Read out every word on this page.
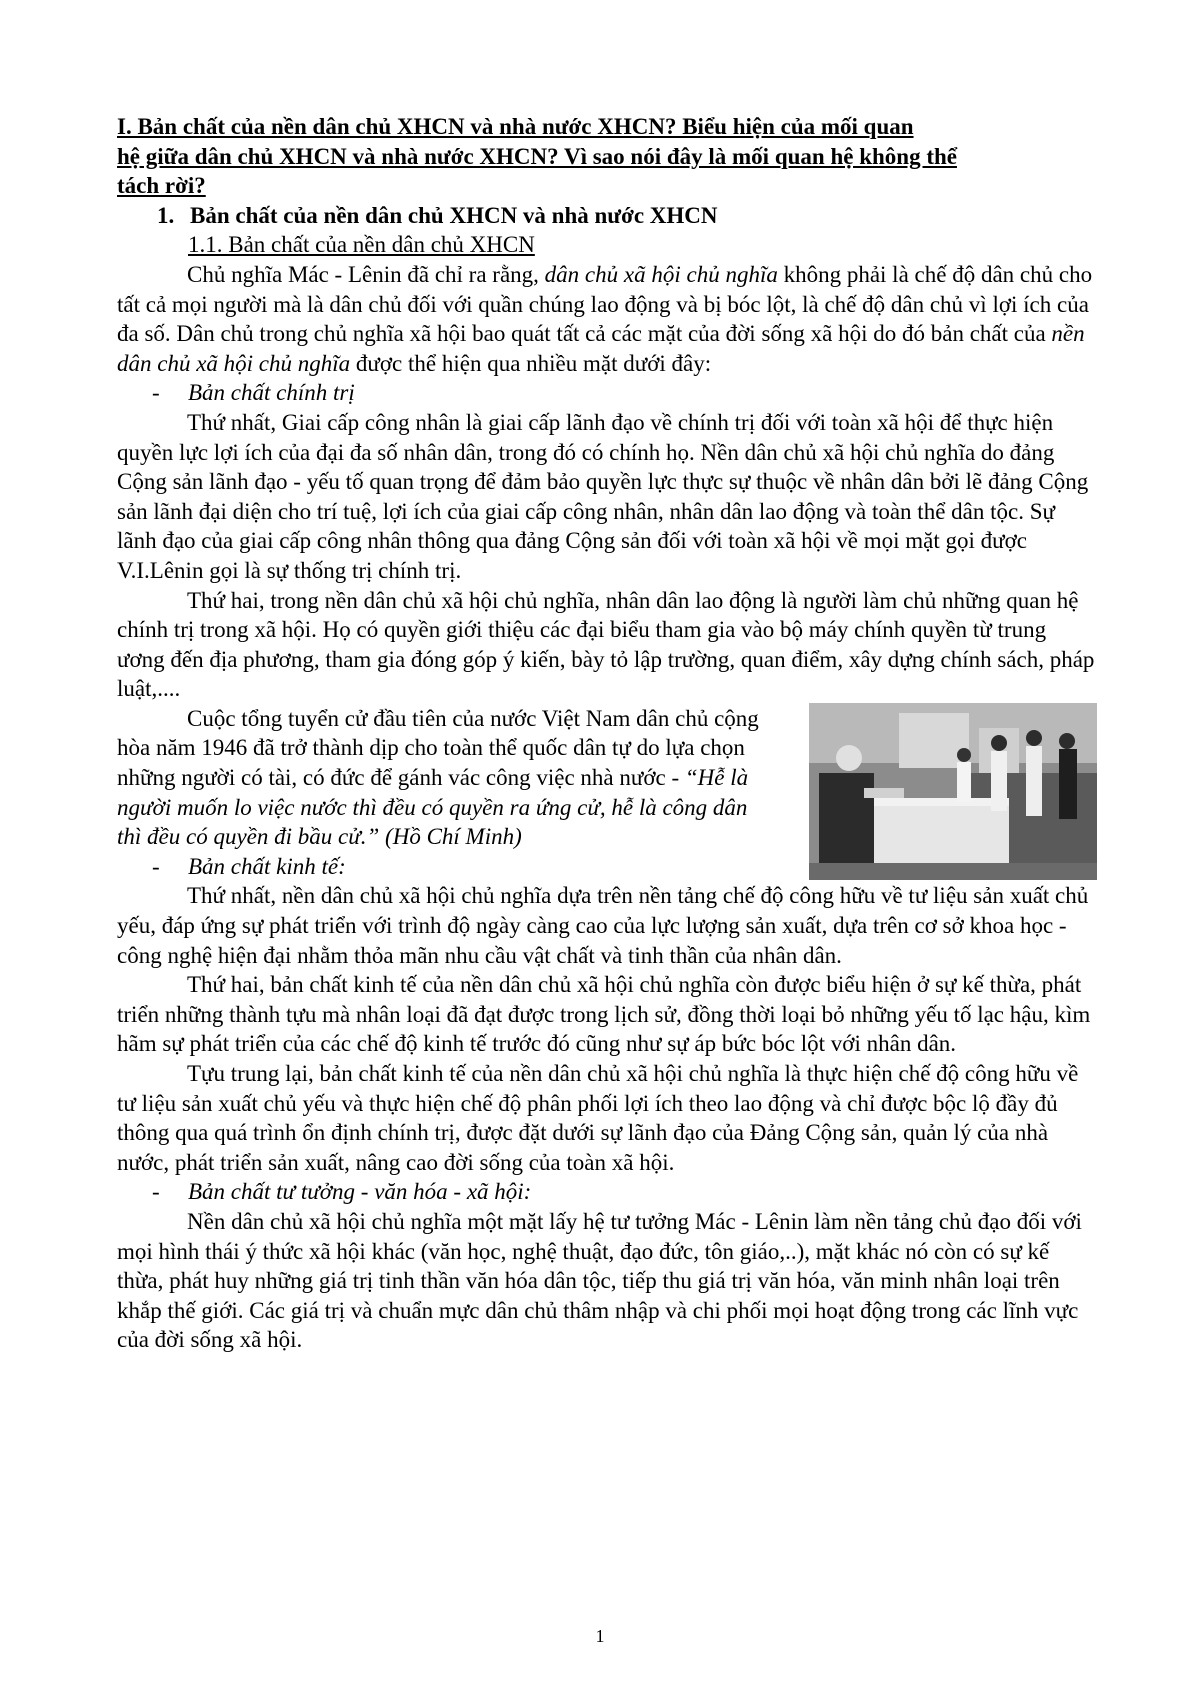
I. Bản chất của nền dân chủ XHCN và nhà nước XHCN? Biểu hiện của mối quan
hệ giữa dân chủ XHCN và nhà nước XHCN? Vì sao nói đây là mối quan hệ không thể
tách rời?

1. Bản chất của nền dân chủ XHCN và nhà nước XHCN

1.1. Bản chất của nền dân chủ XHCN

Chủ nghĩa Mác - Lênin đã chỉ ra rằng, dân chủ xã hội chủ nghĩa không phải là chế độ dân chủ cho tất cả mọi người mà là dân chủ đối với quần chúng lao động và bị bóc lột, là chế độ dân chủ vì lợi ích của đa số. Dân chủ trong chủ nghĩa xã hội bao quát tất cả các mặt của đời sống xã hội do đó bản chất của nền dân chủ xã hội chủ nghĩa được thể hiện qua nhiều mặt dưới đây:

- Bản chất chính trị

Thứ nhất, Giai cấp công nhân là giai cấp lãnh đạo về chính trị đối với toàn xã hội để thực hiện quyền lực lợi ích của đại đa số nhân dân, trong đó có chính họ. Nền dân chủ xã hội chủ nghĩa do đảng Cộng sản lãnh đạo - yếu tố quan trọng để đảm bảo quyền lực thực sự thuộc về nhân dân bởi lẽ đảng Cộng sản lãnh đại diện cho trí tuệ, lợi ích của giai cấp công nhân, nhân dân lao động và toàn thể dân tộc. Sự lãnh đạo của giai cấp công nhân thông qua đảng Cộng sản đối với toàn xã hội về mọi mặt gọi được V.I.Lênin gọi là sự thống trị chính trị.

Thứ hai, trong nền dân chủ xã hội chủ nghĩa, nhân dân lao động là người làm chủ những quan hệ chính trị trong xã hội. Họ có quyền giới thiệu các đại biểu tham gia vào bộ máy chính quyền từ trung ương đến địa phương, tham gia đóng góp ý kiến, bày tỏ lập trường, quan điểm, xây dựng chính sách, pháp luật,....

Cuộc tổng tuyển cử đầu tiên của nước Việt Nam dân chủ cộng hòa năm 1946 đã trở thành dịp cho toàn thể quốc dân tự do lựa chọn những người có tài, có đức để gánh vác công việc nhà nước - “Hễ là người muốn lo việc nước thì đều có quyền ra ứng cử, hễ là công dân thì đều có quyền đi bầu cử.” (Hồ Chí Minh)

- Bản chất kinh tế:

Thứ nhất, nền dân chủ xã hội chủ nghĩa dựa trên nền tảng chế độ công hữu về tư liệu sản xuất chủ yếu, đáp ứng sự phát triển với trình độ ngày càng cao của lực lượng sản xuất, dựa trên cơ sở khoa học - công nghệ hiện đại nhằm thỏa mãn nhu cầu vật chất và tinh thần của nhân dân.

Thứ hai, bản chất kinh tế của nền dân chủ xã hội chủ nghĩa còn được biểu hiện ở sự kế thừa, phát triển những thành tựu mà nhân loại đã đạt được trong lịch sử, đồng thời loại bỏ những yếu tố lạc hậu, kìm hãm sự phát triển của các chế độ kinh tế trước đó cũng như sự áp bức bóc lột với nhân dân.

Tựu trung lại, bản chất kinh tế của nền dân chủ xã hội chủ nghĩa là thực hiện chế độ công hữu về tư liệu sản xuất chủ yếu và thực hiện chế độ phân phối lợi ích theo lao động và chỉ được bộc lộ đầy đủ thông qua quá trình ổn định chính trị, được đặt dưới sự lãnh đạo của Đảng Cộng sản, quản lý của nhà nước, phát triển sản xuất, nâng cao đời sống của toàn xã hội.

- Bản chất tư tưởng - văn hóa - xã hội:

Nền dân chủ xã hội chủ nghĩa một mặt lấy hệ tư tưởng Mác - Lênin làm nền tảng chủ đạo đối với mọi hình thái ý thức xã hội khác (văn học, nghệ thuật, đạo đức, tôn giáo,..), mặt khác nó còn có sự kế thừa, phát huy những giá trị tinh thần văn hóa dân tộc, tiếp thu giá trị văn hóa, văn minh nhân loại trên khắp thế giới. Các giá trị và chuẩn mực dân chủ thâm nhập và chi phối mọi hoạt động trong các lĩnh vực của đời sống xã hội.

1
